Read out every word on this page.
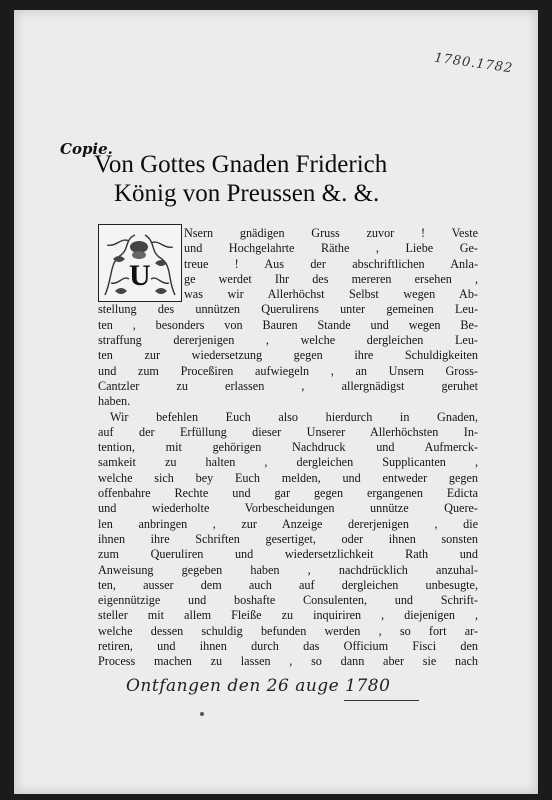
1780.1782
Copie.
Von Gottes Gnaden Friderich
König von Preussen &. &.
Nsern gnädigen Gruss zuvor ! Veste
und Hochgelahrte Räthe , Liebe Ge-
treue ! Aus der abschriftlichen Anla-
ge werdet Ihr des mereren ersehen ,
was wir Allerhöchst Selbst wegen Ab-
stellung des unnützen Querulirens unter gemeinen Leu-
ten , besonders von Bauren Stande und wegen Be-
straffung dererjenigen , welche dergleichen Leu-
ten zur wiedersetzung gegen ihre Schuldigkeiten
und zum Proceßiren aufwiegeln , an Unsern Gross-
Cantzler zu erlassen , allergnädigst geruhet
haben.
Wir befehlen Euch also hierdurch in Gnaden,
auf der Erfüllung dieser Unserer Allerhöchsten In-
tention, mit gehörigen Nachdruck und Aufmerck-
samkeit zu halten , dergleichen Supplicanten ,
welche sich bey Euch melden, und entweder gegen
offenbahre Rechte und gar gegen ergangenen Edicta
und wiederholte Vorbescheidungen unnütze Quere-
len anbringen , zur Anzeige dererjenigen , die
ihnen ihre Schriften gesertiget, oder ihnen sonsten
zum Queruliren und wiedersetzlichkeit Rath und
Anweisung gegeben haben , nachdrücklich anzuhal-
ten, ausser dem auch auf dergleichen unbesugte,
eigennützige und boshafte Consulenten, und Schrift-
steller mit allem Fleiße zu inquiriren , diejenigen ,
welche dessen schuldig befunden werden , so fort ar-
retiren, und ihnen durch das Officium Fisci den
Process machen zu lassen , so dann aber sie nach
U
Ontfangen den 26 auge 1780
